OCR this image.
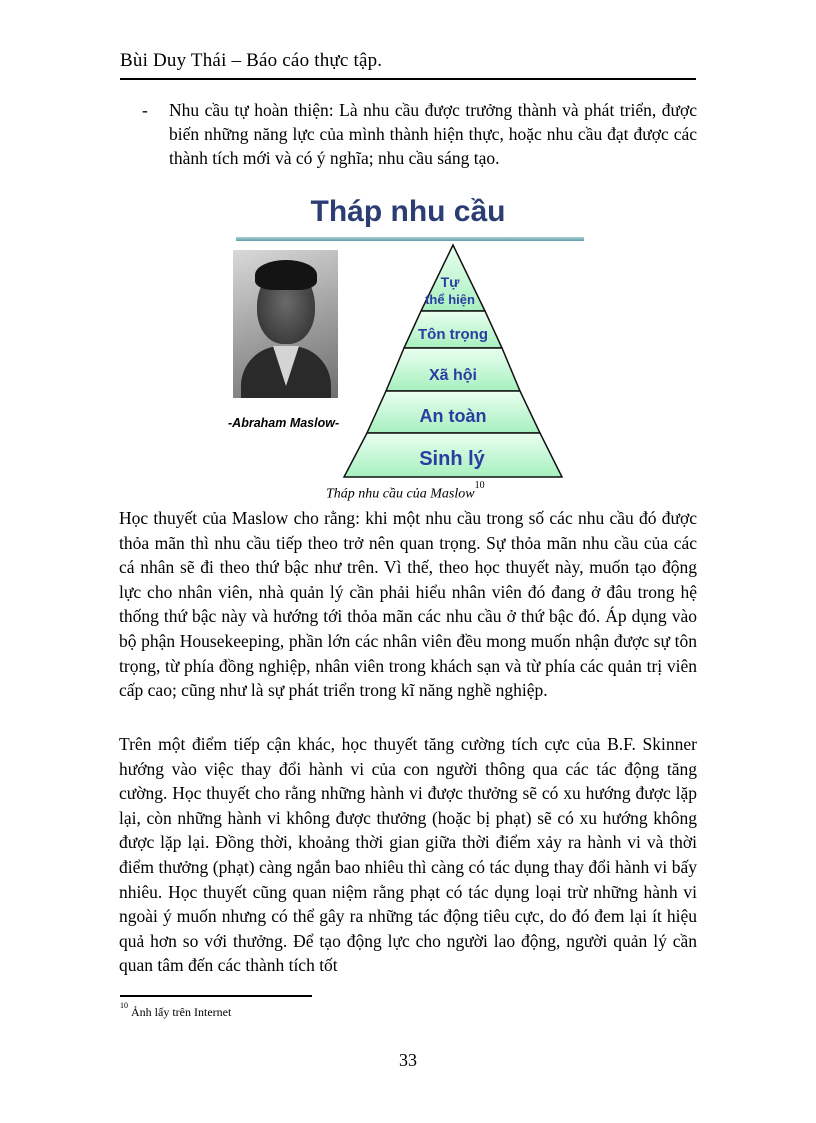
Bùi Duy Thái – Báo cáo thực tập.
- Nhu cầu tự hoàn thiện: Là nhu cầu được trưởng thành và phát triển, được biến những năng lực của mình thành hiện thực, hoặc nhu cầu đạt được các thành tích mới và có ý nghĩa; nhu cầu sáng tạo.
Tháp nhu cầu
-Abraham Maslow-
Tự
thể hiện
Tôn trọng
Xã hội
An toàn
Sinh lý
Tháp nhu cầu của Maslow$^{10}$
Học thuyết của Maslow cho rằng: khi một nhu cầu trong số các nhu cầu đó được thỏa mãn thì nhu cầu tiếp theo trở nên quan trọng. Sự thỏa mãn nhu cầu của các cá nhân sẽ đi theo thứ bậc như trên. Vì thế, theo học thuyết này, muốn tạo động lực cho nhân viên, nhà quản lý cần phải hiểu nhân viên đó đang ở đâu trong hệ thống thứ bậc này và hướng tới thỏa mãn các nhu cầu ở thứ bậc đó. Áp dụng vào bộ phận Housekeeping, phần lớn các nhân viên đều mong muốn nhận được sự tôn trọng, từ phía đồng nghiệp, nhân viên trong khách sạn và từ phía các quản trị viên cấp cao; cũng như là sự phát triển trong kĩ năng nghề nghiệp.
Trên một điểm tiếp cận khác, học thuyết tăng cường tích cực của B.F. Skinner hướng vào việc thay đổi hành vi của con người thông qua các tác động tăng cường. Học thuyết cho rằng những hành vi được thưởng sẽ có xu hướng được lặp lại, còn những hành vi không được thưởng (hoặc bị phạt) sẽ có xu hướng không được lặp lại. Đồng thời, khoảng thời gian giữa thời điểm xảy ra hành vi và thời điểm thưởng (phạt) càng ngắn bao nhiêu thì càng có tác dụng thay đổi hành vi bấy nhiêu. Học thuyết cũng quan niệm rằng phạt có tác dụng loại trừ những hành vi ngoài ý muốn nhưng có thể gây ra những tác động tiêu cực, do đó đem lại ít hiệu quả hơn so với thưởng. Để tạo động lực cho người lao động, người quản lý cần quan tâm đến các thành tích tốt
$^{10}$ Ảnh lấy trên Internet
33
